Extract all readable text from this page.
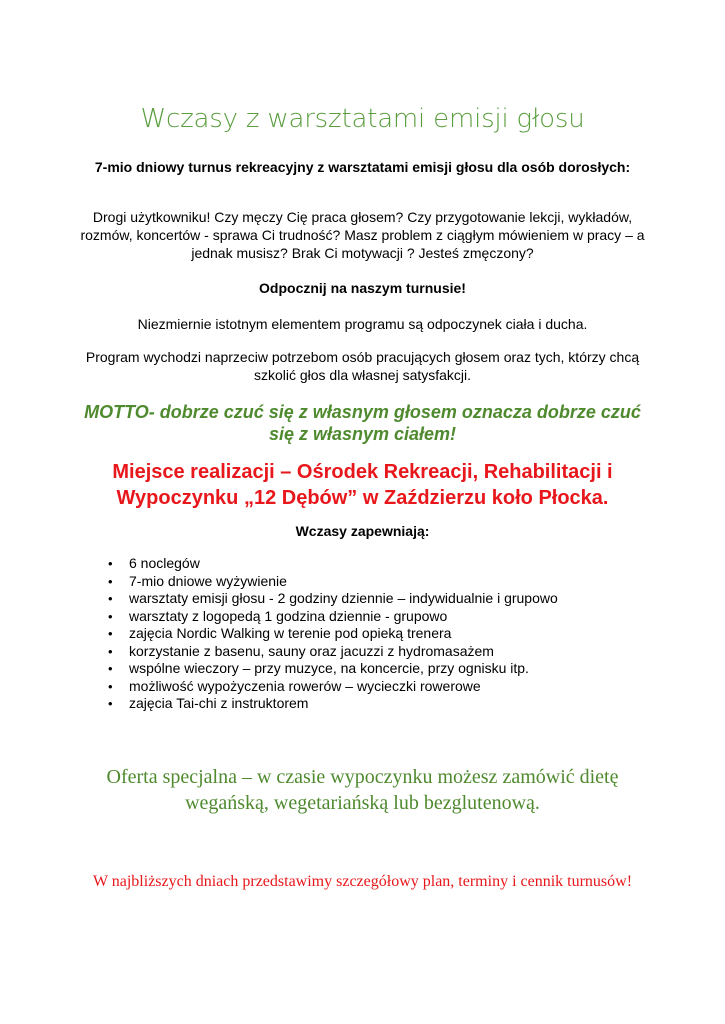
Wczasy z warsztatami emisji głosu
7-mio dniowy turnus rekreacyjny z warsztatami emisji głosu dla osób dorosłych:
Drogi użytkowniku! Czy męczy Cię praca głosem? Czy przygotowanie lekcji, wykładów, rozmów, koncertów - sprawa Ci trudność? Masz problem z ciągłym mówieniem w pracy – a jednak musisz? Brak Ci motywacji ? Jesteś zmęczony?
Odpocznij na naszym turnusie!
Niezmiernie istotnym elementem programu są odpoczynek ciała i ducha.
Program wychodzi naprzeciw potrzebom osób pracujących głosem oraz tych, którzy chcą szkolić głos dla własnej satysfakcji.
MOTTO- dobrze czuć się z własnym głosem oznacza dobrze czuć się z własnym ciałem!
Miejsce realizacji – Ośrodek Rekreacji, Rehabilitacji i Wypoczynku „12 Dębów” w Zaździerzu koło Płocka.
Wczasy zapewniają:
• 6 noclegów
• 7-mio dniowe wyżywienie
• warsztaty emisji głosu - 2 godziny dziennie – indywidualnie i grupowo
• warsztaty z logopedą 1 godzina dziennie - grupowo
• zajęcia Nordic Walking w terenie pod opieką trenera
• korzystanie z basenu, sauny oraz jacuzzi z hydromasażem
• wspólne wieczory – przy muzyce, na koncercie, przy ognisku itp.
• możliwość wypożyczenia rowerów – wycieczki rowerowe
• zajęcia Tai-chi z instruktorem
Oferta specjalna – w czasie wypoczynku możesz zamówić dietę wegańską, wegetariańską lub bezglutenową.
W najbliższych dniach przedstawimy szczegółowy plan, terminy i cennik turnusów!
